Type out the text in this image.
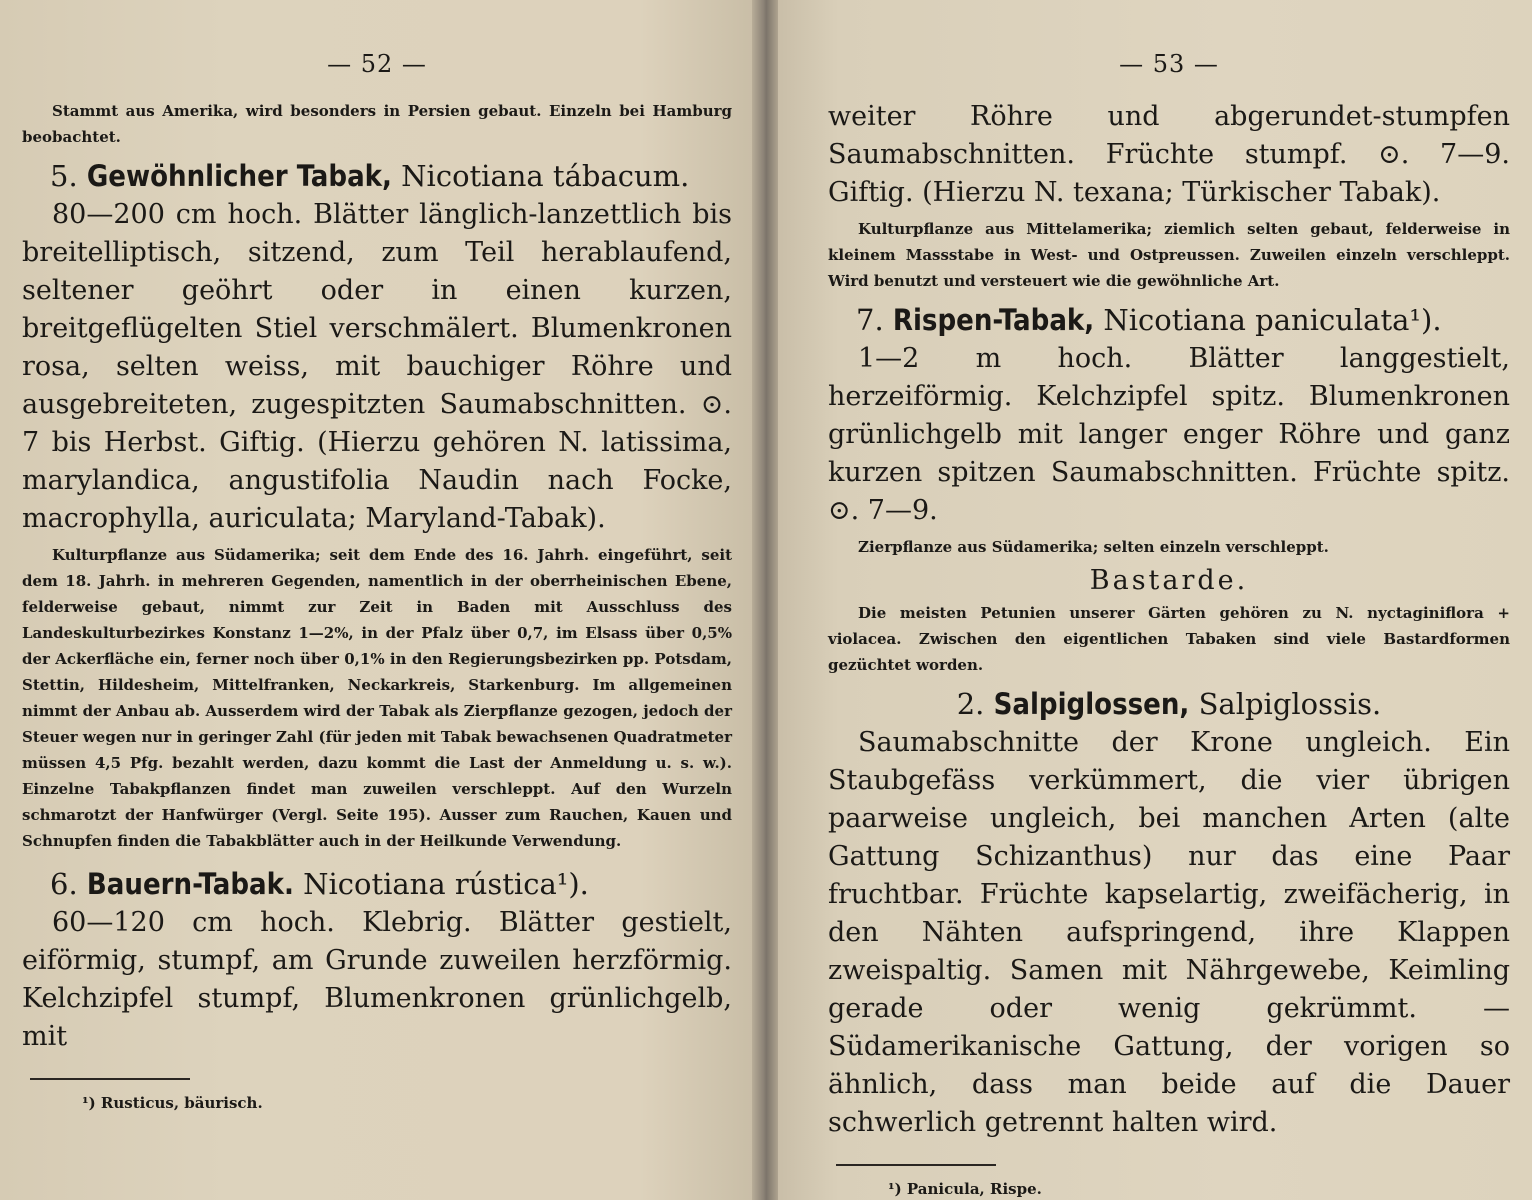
— 52 —

Stammt aus Amerika, wird besonders in Persien gebaut. Einzeln bei Hamburg beobachtet.

5. Gewöhnlicher Tabak, Nicotiana tábacum.

80—200 cm hoch. Blätter länglich-lanzettlich bis breitelliptisch, sitzend, zum Teil herablaufend, seltener geöhrt oder in einen kurzen, breitgeflügelten Stiel verschmälert. Blumenkronen rosa, selten weiss, mit bauchiger Röhre und ausgebreiteten, zugespitzten Saumabschnitten. ⊙. 7 bis Herbst. Giftig. (Hierzu gehören N. latissima, marylandica, angustifolia Naudin nach Focke, macrophylla, auriculata; Maryland-Tabak).

Kulturpflanze aus Südamerika; seit dem Ende des 16. Jahrh. eingeführt, seit dem 18. Jahrh. in mehreren Gegenden, namentlich in der oberrheinischen Ebene, felderweise gebaut, nimmt zur Zeit in Baden mit Ausschluss des Landeskulturbezirkes Konstanz 1—2%, in der Pfalz über 0,7, im Elsass über 0,5% der Ackerfläche ein, ferner noch über 0,1% in den Regierungsbezirken pp. Potsdam, Stettin, Hildesheim, Mittelfranken, Neckarkreis, Starkenburg. Im allgemeinen nimmt der Anbau ab. Ausserdem wird der Tabak als Zierpflanze gezogen, jedoch der Steuer wegen nur in geringer Zahl (für jeden mit Tabak bewachsenen Quadratmeter müssen 4,5 Pfg. bezahlt werden, dazu kommt die Last der Anmeldung u. s. w.). Einzelne Tabakpflanzen findet man zuweilen verschleppt. Auf den Wurzeln schmarotzt der Hanfwürger (Vergl. Seite 195). Ausser zum Rauchen, Kauen und Schnupfen finden die Tabakblätter auch in der Heilkunde Verwendung.

6. Bauern-Tabak. Nicotiana rústica¹).

60—120 cm hoch. Klebrig. Blätter gestielt, eiförmig, stumpf, am Grunde zuweilen herzförmig. Kelchzipfel stumpf, Blumenkronen grünlichgelb, mit

¹) Rusticus, bäurisch.

— 53 —

weiter Röhre und abgerundet-stumpfen Saumabschnitten. Früchte stumpf. ⊙. 7—9. Giftig. (Hierzu N. texana; Türkischer Tabak).

Kulturpflanze aus Mittelamerika; ziemlich selten gebaut, felderweise in kleinem Massstabe in West- und Ostpreussen. Zuweilen einzeln verschleppt. Wird benutzt und versteuert wie die gewöhnliche Art.

7. Rispen-Tabak, Nicotiana paniculata¹).

1—2 m hoch. Blätter langgestielt, herzeiförmig. Kelchzipfel spitz. Blumenkronen grünlichgelb mit langer enger Röhre und ganz kurzen spitzen Saumabschnitten. Früchte spitz. ⊙. 7—9.

Zierpflanze aus Südamerika; selten einzeln verschleppt.

Bastarde.

Die meisten Petunien unserer Gärten gehören zu N. nyctaginiflora + violacea. Zwischen den eigentlichen Tabaken sind viele Bastardformen gezüchtet worden.

2. Salpiglossen, Salpiglossis.

Saumabschnitte der Krone ungleich. Ein Staubgefäss verkümmert, die vier übrigen paarweise ungleich, bei manchen Arten (alte Gattung Schizanthus) nur das eine Paar fruchtbar. Früchte kapselartig, zweifächerig, in den Nähten aufspringend, ihre Klappen zweispaltig. Samen mit Nährgewebe, Keimling gerade oder wenig gekrümmt. — Südamerikanische Gattung, der vorigen so ähnlich, dass man beide auf die Dauer schwerlich getrennt halten wird.

¹) Panicula, Rispe.
